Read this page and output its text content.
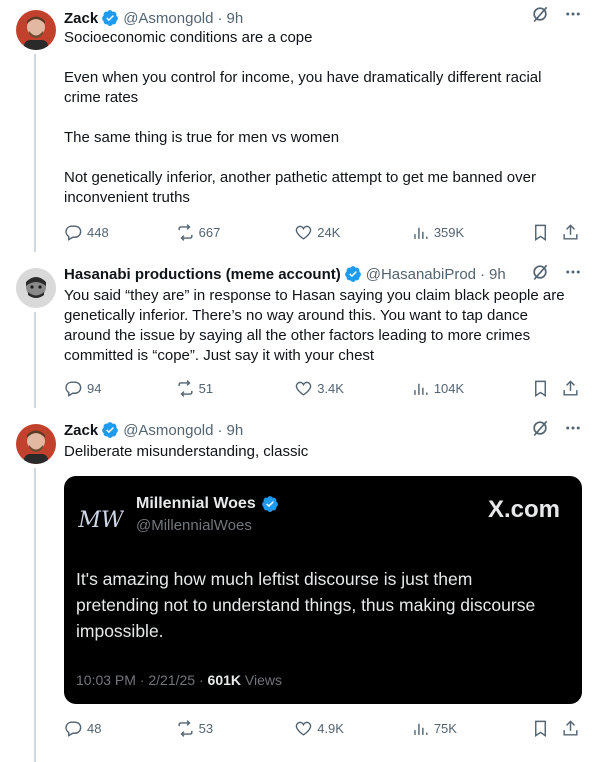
Zack @Asmongold · 9h

Socioeconomic conditions are a cope

Even when you control for income, you have dramatically different racial crime rates

The same thing is true for men vs women

Not genetically inferior, another pathetic attempt to get me banned over inconvenient truths

448	667	24K	359K
Hasanabi productions (meme account) @HasanabiProd · 9h

You said “they are” in response to Hasan saying you claim black people are genetically inferior. There’s no way around this. You want to tap dance around the issue by saying all the other factors leading to more crimes committed is “cope”. Just say it with your chest

94	51	3.4K	104K
Zack @Asmongold · 9h

Deliberate misunderstanding, classic

48	53	4.9K	75K
MW
Millennial Woes
@MillennialWoes
X.com
It's amazing how much leftist discourse is just them pretending not to understand things, thus making discourse impossible.
10:03 PM · 2/21/25 · 601K Views
